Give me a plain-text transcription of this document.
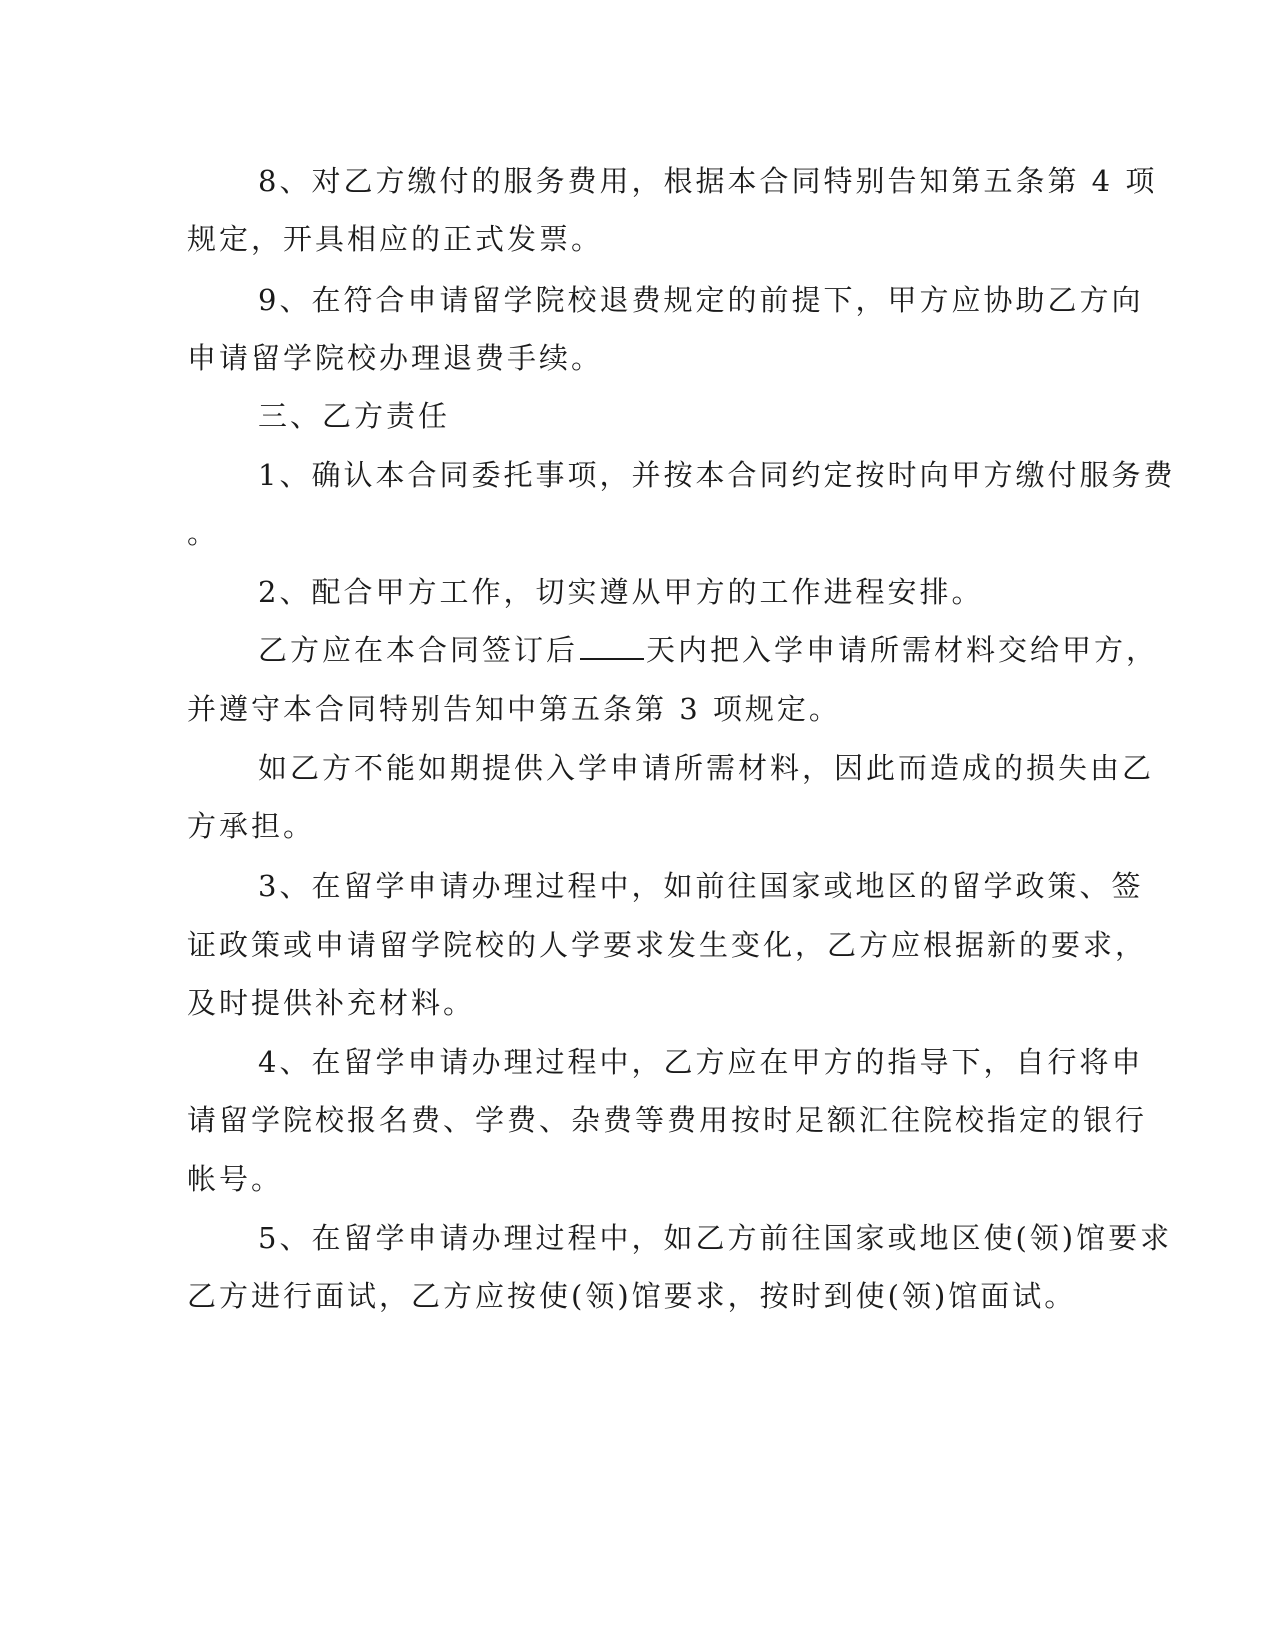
8、对乙方缴付的服务费用，根据本合同特别告知第五条第 4 项
规定，开具相应的正式发票。
9、在符合申请留学院校退费规定的前提下，甲方应协助乙方向
申请留学院校办理退费手续。
三、乙方责任
1、确认本合同委托事项，并按本合同约定按时向甲方缴付服务费
。
2、配合甲方工作，切实遵从甲方的工作进程安排。
乙方应在本合同签订后 天内把入学申请所需材料交给甲方，
并遵守本合同特别告知中第五条第 3 项规定。
如乙方不能如期提供入学申请所需材料，因此而造成的损失由乙
方承担。
3、在留学申请办理过程中，如前往国家或地区的留学政策、签
证政策或申请留学院校的人学要求发生变化，乙方应根据新的要求，
及时提供补充材料。
4、在留学申请办理过程中，乙方应在甲方的指导下，自行将申
请留学院校报名费、学费、杂费等费用按时足额汇往院校指定的银行
帐号。
5、在留学申请办理过程中，如乙方前往国家或地区使(领)馆要求
乙方进行面试，乙方应按使(领)馆要求，按时到使(领)馆面试。
